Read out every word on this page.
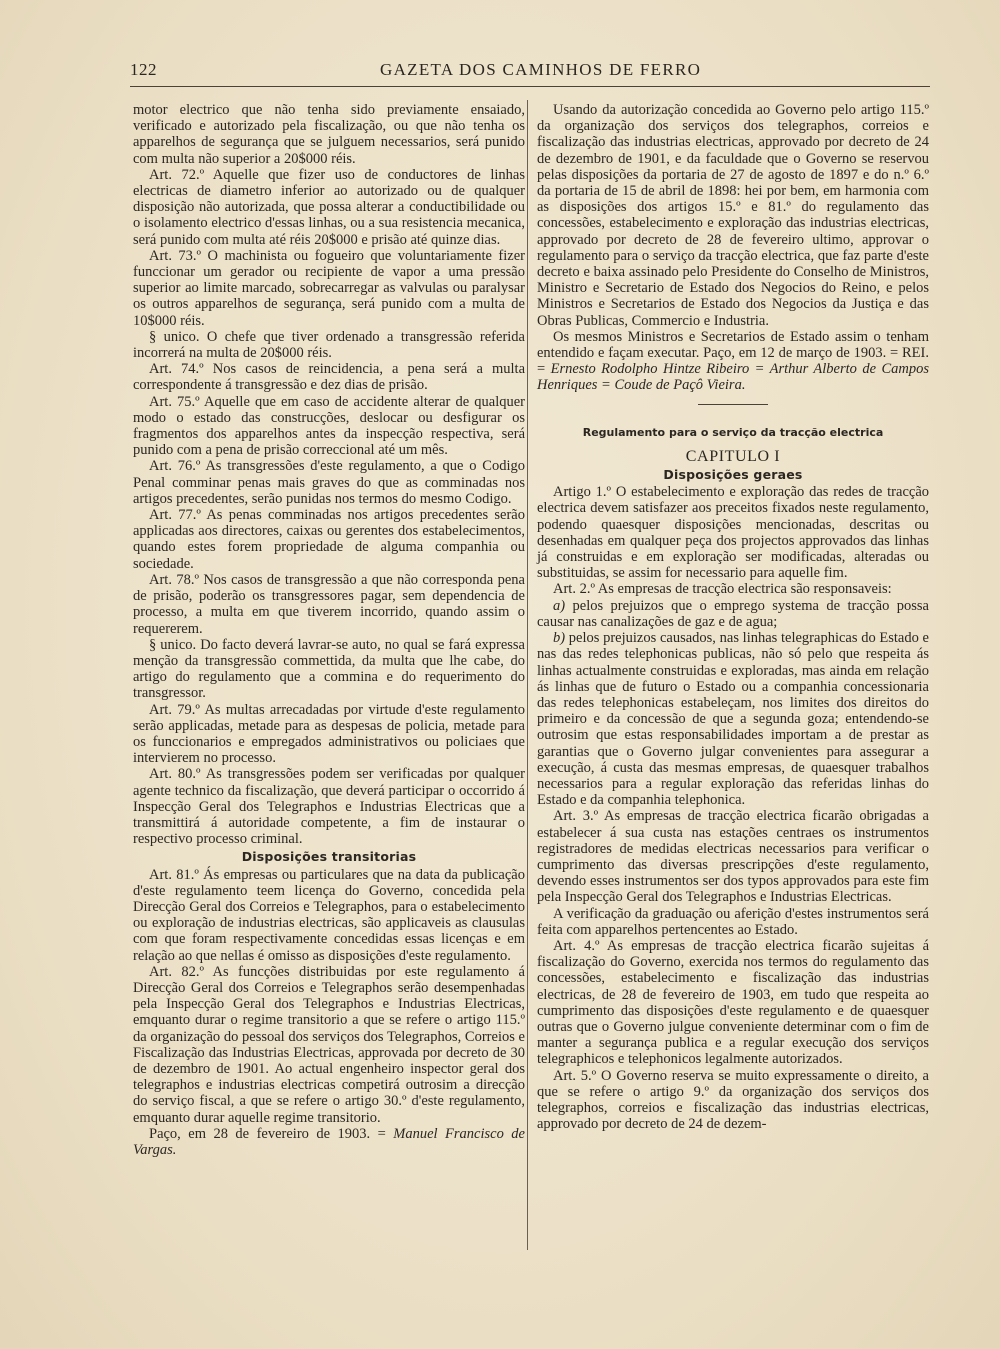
122	GAZETA DOS CAMINHOS DE FERRO

motor electrico que não tenha sido previamente ensaiado, verificado e autorizado pela fiscalização, ou que não tenha os apparelhos de segurança que se julguem necessarios, será punido com multa não superior a 20$000 réis.

Art. 72.º Aquelle que fizer uso de conductores de linhas electricas de diametro inferior ao autorizado ou de qualquer disposição não autorizada, que possa alterar a conductibilidade ou o isolamento electrico d'essas linhas, ou a sua resistencia mecanica, será punido com multa até réis 20$000 e prisão até quinze dias.

Art. 73.º O machinista ou fogueiro que voluntariamente fizer funccionar um gerador ou recipiente de vapor a uma pressão superior ao limite marcado, sobrecarregar as valvulas ou paralysar os outros apparelhos de segurança, será punido com a multa de 10$000 réis.

§ unico. O chefe que tiver ordenado a transgressão referida incorrerá na multa de 20$000 réis.

Art. 74.º Nos casos de reincidencia, a pena será a multa correspondente á transgressão e dez dias de prisão.

Art. 75.º Aquelle que em caso de accidente alterar de qualquer modo o estado das construcções, deslocar ou desfigurar os fragmentos dos apparelhos antes da inspecção respectiva, será punido com a pena de prisão correccional até um mês.

Art. 76.º As transgressões d'este regulamento, a que o Codigo Penal comminar penas mais graves do que as comminadas nos artigos precedentes, serão punidas nos termos do mesmo Codigo.

Art. 77.º As penas comminadas nos artigos precedentes serão applicadas aos directores, caixas ou gerentes dos estabelecimentos, quando estes forem propriedade de alguma companhia ou sociedade.

Art. 78.º Nos casos de transgressão a que não corresponda pena de prisão, poderão os transgressores pagar, sem dependencia de processo, a multa em que tiverem incorrido, quando assim o requererem.

§ unico. Do facto deverá lavrar-se auto, no qual se fará expressa menção da transgressão commettida, da multa que lhe cabe, do artigo do regulamento que a commina e do requerimento do transgressor.

Art. 79.º As multas arrecadadas por virtude d'este regulamento serão applicadas, metade para as despesas de policia, metade para os funccionarios e empregados administrativos ou policiaes que intervierem no processo.

Art. 80.º As transgressões podem ser verificadas por qualquer agente technico da fiscalização, que deverá participar o occorrido á Inspecção Geral dos Telegraphos e Industrias Electricas que a transmittirá á autoridade competente, a fim de instaurar o respectivo processo criminal.

Disposições transitorias

Art. 81.º Ás empresas ou particulares que na data da publicação d'este regulamento teem licença do Governo, concedida pela Direcção Geral dos Correios e Telegraphos, para o estabelecimento ou exploração de industrias electricas, são applicaveis as clausulas com que foram respectivamente concedidas essas licenças e em relação ao que nellas é omisso as disposições d'este regulamento.

Art. 82.º As funcções distribuidas por este regulamento á Direcção Geral dos Correios e Telegraphos serão desempenhadas pela Inspecção Geral dos Telegraphos e Industrias Electricas, emquanto durar o regime transitorio a que se refere o artigo 115.º da organização do pessoal dos serviços dos Telegraphos, Correios e Fiscalização das Industrias Electricas, approvada por decreto de 30 de dezembro de 1901. Ao actual engenheiro inspector geral dos telegraphos e industrias electricas competirá outrosim a direcção do serviço fiscal, a que se refere o artigo 30.º d'este regulamento, emquanto durar aquelle regime transitorio.

Paço, em 28 de fevereiro de 1903. = Manuel Francisco de Vargas.

Usando da autorização concedida ao Governo pelo artigo 115.º da organização dos serviços dos telegraphos, correios e fiscalização das industrias electricas, approvado por decreto de 24 de dezembro de 1901, e da faculdade que o Governo se reservou pelas disposições da portaria de 27 de agosto de 1897 e do n.º 6.º da portaria de 15 de abril de 1898: hei por bem, em harmonia com as disposições dos artigos 15.º e 81.º do regulamento das concessões, estabelecimento e exploração das industrias electricas, approvado por decreto de 28 de fevereiro ultimo, approvar o regulamento para o serviço da tracção electrica, que faz parte d'este decreto e baixa assinado pelo Presidente do Conselho de Ministros, Ministro e Secretario de Estado dos Negocios do Reino, e pelos Ministros e Secretarios de Estado dos Negocios da Justiça e das Obras Publicas, Commercio e Industria.

Os mesmos Ministros e Secretarios de Estado assim o tenham entendido e façam executar. Paço, em 12 de março de 1903. = REI. = Ernesto Rodolpho Hintze Ribeiro = Arthur Alberto de Campos Henriques = Coude de Paçô Vieira.

Regulamento para o serviço da tracção electrica
CAPITULO I
Disposições geraes

Artigo 1.º O estabelecimento e exploração das redes de tracção electrica devem satisfazer aos preceitos fixados neste regulamento, podendo quaesquer disposições mencionadas, descritas ou desenhadas em qualquer peça dos projectos approvados das linhas já construidas e em exploração ser modificadas, alteradas ou substituidas, se assim for necessario para aquelle fim.

Art. 2.º As empresas de tracção electrica são responsaveis:

a) pelos prejuizos que o emprego systema de tracção possa causar nas canalizações de gaz e de agua;

b) pelos prejuizos causados, nas linhas telegraphicas do Estado e nas das redes telephonicas publicas, não só pelo que respeita ás linhas actualmente construidas e exploradas, mas ainda em relação ás linhas que de futuro o Estado ou a companhia concessionaria das redes telephonicas estabeleçam, nos limites dos direitos do primeiro e da concessão de que a segunda goza; entendendo-se outrosim que estas responsabilidades importam a de prestar as garantias que o Governo julgar convenientes para assegurar a execução, á custa das mesmas empresas, de quaesquer trabalhos necessarios para a regular exploração das referidas linhas do Estado e da companhia telephonica.

Art. 3.º As empresas de tracção electrica ficarão obrigadas a estabelecer á sua custa nas estações centraes os instrumentos registradores de medidas electricas necessarios para verificar o cumprimento das diversas prescripções d'este regulamento, devendo esses instrumentos ser dos typos approvados para este fim pela Inspecção Geral dos Telegraphos e Industrias Electricas.

A verificação da graduação ou aferição d'estes instrumentos será feita com apparelhos pertencentes ao Estado.

Art. 4.º As empresas de tracção electrica ficarão sujeitas á fiscalização do Governo, exercida nos termos do regulamento das concessões, estabelecimento e fiscalização das industrias electricas, de 28 de fevereiro de 1903, em tudo que respeita ao cumprimento das disposições d'este regulamento e de quaesquer outras que o Governo julgue conveniente determinar com o fim de manter a segurança publica e a regular execução dos serviços telegraphicos e telephonicos legalmente autorizados.

Art. 5.º O Governo reserva se muito expressamente o direito, a que se refere o artigo 9.º da organização dos serviços dos telegraphos, correios e fiscalização das industrias electricas, approvado por decreto de 24 de dezem-
